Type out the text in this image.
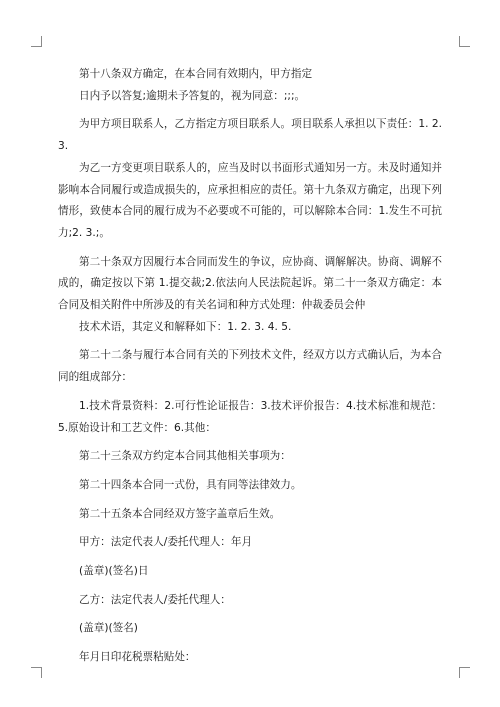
第十八条双方确定，在本合同有效期内，甲方指定

日内予以答复;逾期未予答复的，视为同意：;;;。

为甲方项目联系人，乙方指定方项目联系人。项目联系人承担以下责任：1. 2. 3.

为乙一方变更项目联系人的，应当及时以书面形式通知另一方。未及时通知并影响本合同履行或造成损失的，应承担相应的责任。第十九条双方确定，出现下列情形，致使本合同的履行成为不必要或不可能的，可以解除本合同：1.发生不可抗力;2. 3.;。

第二十条双方因履行本合同而发生的争议，应协商、调解解决。协商、调解不成的，确定按以下第 1.提交裁;2.依法向人民法院起诉。第二十一条双方确定：本合同及相关附件中所涉及的有关名词和种方式处理：仲裁委员会仲

技术术语，其定义和解释如下：1. 2. 3. 4. 5.

第二十二条与履行本合同有关的下列技术文件，经双方以方式确认后，为本合同的组成部分：

1.技术背景资料：2.可行性论证报告：3.技术评价报告：4.技术标准和规范：5.原始设计和工艺文件：6.其他：

第二十三条双方约定本合同其他相关事项为：

第二十四条本合同一式份，具有同等法律效力。

第二十五条本合同经双方签字盖章后生效。

甲方：法定代表人/委托代理人：年月

(盖章)(签名)日

乙方：法定代表人/委托代理人：

(盖章)(签名)

年月日印花税票粘贴处：
